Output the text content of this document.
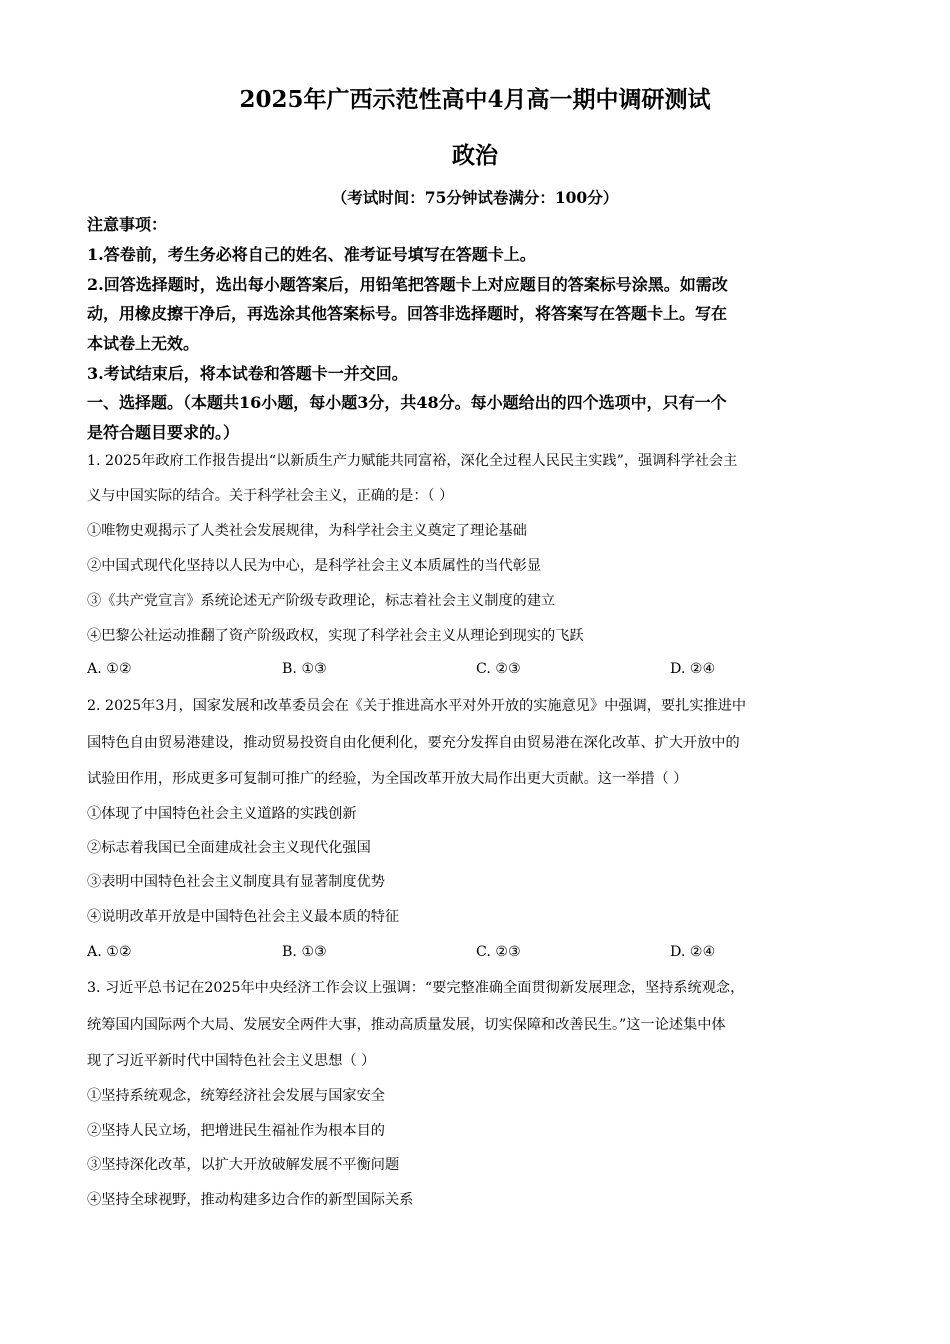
2025年广西示范性高中4月高一期中调研测试
政治
（考试时间：75分钟试卷满分：100分）
注意事项：
1.答卷前，考生务必将自己的姓名、准考证号填写在答题卡上。
2.回答选择题时，选出每小题答案后，用铅笔把答题卡上对应题目的答案标号涂黑。如需改
动，用橡皮擦干净后，再选涂其他答案标号。回答非选择题时，将答案写在答题卡上。写在
本试卷上无效。
3.考试结束后，将本试卷和答题卡一并交回。
一、选择题。（本题共16小题，每小题3分，共48分。每小题给出的四个选项中，只有一个
是符合题目要求的。）
1. 2025年政府工作报告提出“以新质生产力赋能共同富裕，深化全过程人民民主实践”，强调科学社会主
义与中国实际的结合。关于科学社会主义，正确的是：（ ）
①唯物史观揭示了人类社会发展规律，为科学社会主义奠定了理论基础
②中国式现代化坚持以人民为中心，是科学社会主义本质属性的当代彰显
③《共产党宣言》系统论述无产阶级专政理论，标志着社会主义制度的建立
④巴黎公社运动推翻了资产阶级政权，实现了科学社会主义从理论到现实的飞跃
A. ①②	B. ①③	C. ②③	D. ②④
2. 2025年3月，国家发展和改革委员会在《关于推进高水平对外开放的实施意见》中强调，要扎实推进中
国特色自由贸易港建设，推动贸易投资自由化便利化，要充分发挥自由贸易港在深化改革、扩大开放中的
试验田作用，形成更多可复制可推广的经验，为全国改革开放大局作出更大贡献。这一举措（ ）
①体现了中国特色社会主义道路的实践创新
②标志着我国已全面建成社会主义现代化强国
③表明中国特色社会主义制度具有显著制度优势
④说明改革开放是中国特色社会主义最本质的特征
A. ①②	B. ①③	C. ②③	D. ②④
3. 习近平总书记在2025年中央经济工作会议上强调：“要完整准确全面贯彻新发展理念，坚持系统观念，
统筹国内国际两个大局、发展安全两件大事，推动高质量发展，切实保障和改善民生。”这一论述集中体
现了习近平新时代中国特色社会主义思想（ ）
①坚持系统观念，统筹经济社会发展与国家安全
②坚持人民立场，把增进民生福祉作为根本目的
③坚持深化改革，以扩大开放破解发展不平衡问题
④坚持全球视野，推动构建多边合作的新型国际关系
